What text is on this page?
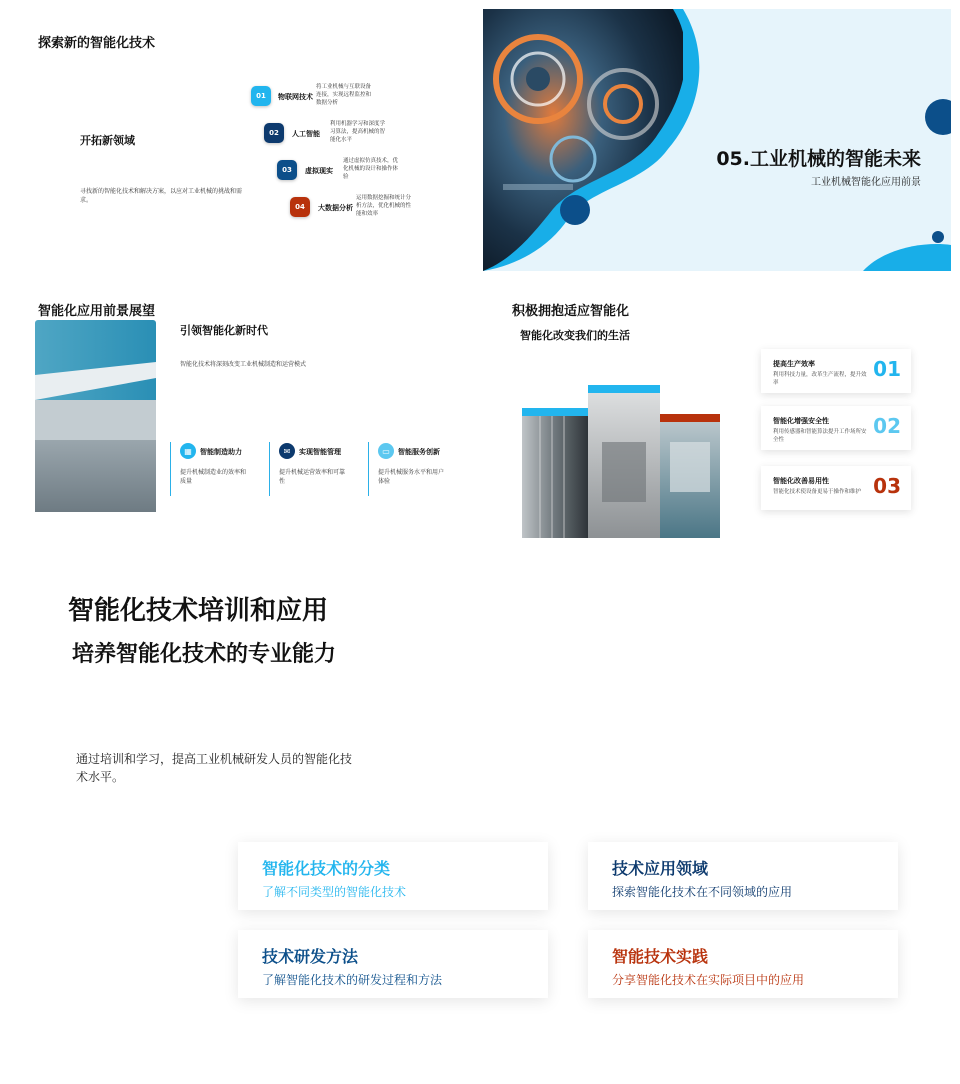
探索新的智能化技术
开拓新领域
寻找新的智能化技术和解决方案，以应对工业机械的挑战和需求。
01	物联网技术
将工业机械与互联设备连接，实现远程监控和数据分析
02	人工智能
利用机器学习和深度学习算法，提高机械的智能化水平
03	虚拟现实
通过虚拟仿真技术，优化机械的设计和操作体验
04	大数据分析
运用数据挖掘和统计分析方法，优化机械的性能和效率
05.工业机械的智能未来
工业机械智能化应用前景
智能化应用前景展望
引领智能化新时代
智能化技术将深刻改变工业机械制造和运营模式
▦	智能制造助力
提升机械制造业的效率和质量
✉	实现智能管理
提升机械运营效率和可靠性
▭	智能服务创新
提升机械服务水平和用户体验
积极拥抱适应智能化
智能化改变我们的生活
提高生产效率
利用科技力量，改革生产流程，提升效率
01
智能化增强安全性
利用传感器和智能算法提升工作场所安全性
02
智能化改善易用性
智能化技术使设备更易于操作和维护 03
智能化技术培训和应用
培养智能化技术的专业能力
通过培训和学习，提高工业机械研发人员的智能化技术水平。
智能化技术的分类
了解不同类型的智能化技术
技术应用领域
探索智能化技术在不同领域的应用
技术研发方法
了解智能化技术的研发过程和方法
智能技术实践
分享智能化技术在实际项目中的应用
